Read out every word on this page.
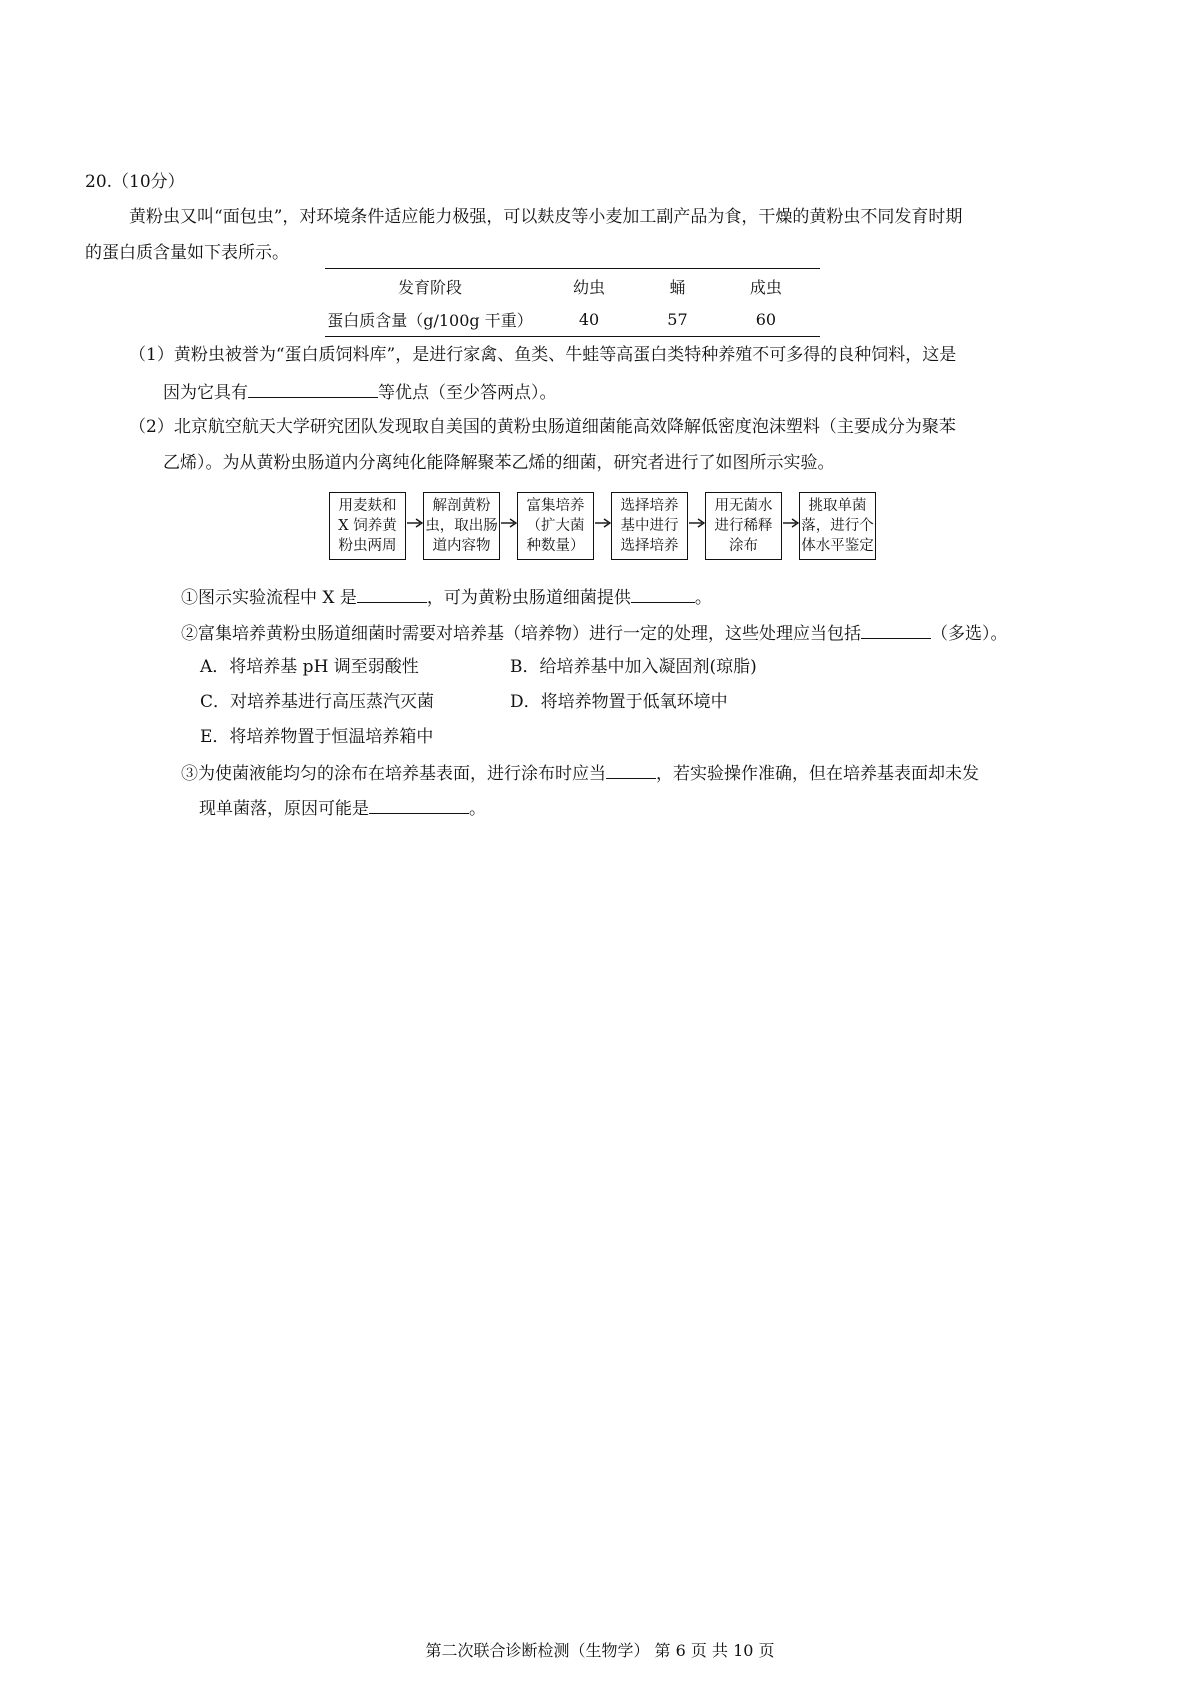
20.（10分）
黄粉虫又叫“面包虫”，对环境条件适应能力极强，可以麸皮等小麦加工副产品为食，干燥的黄粉虫不同发育时期
的蛋白质含量如下表所示。
发育阶段	幼虫	蛹	成虫
蛋白质含量（g/100g 干重）	40	57	60
（1）黄粉虫被誉为“蛋白质饲料库”，是进行家禽、鱼类、牛蛙等高蛋白类特种养殖不可多得的良种饲料，这是
因为它具有	等优点（至少答两点）。
（2）北京航空航天大学研究团队发现取自美国的黄粉虫肠道细菌能高效降解低密度泡沫塑料（主要成分为聚苯
乙烯）。为从黄粉虫肠道内分离纯化能降解聚苯乙烯的细菌，研究者进行了如图所示实验。
用麦麸和
X 饲养黄
粉虫两周
解剖黄粉
虫，取出肠
道内容物
富集培养
（扩大菌
种数量）
选择培养
基中进行
选择培养
用无菌水
进行稀释
涂布
挑取单菌
落，进行个
体水平鉴定
①图示实验流程中 X 是	，可为黄粉虫肠道细菌提供	。
②富集培养黄粉虫肠道细菌时需要对培养基（培养物）进行一定的处理，这些处理应当包括	（多选）。
A．将培养基 pH 调至弱酸性	B．给培养基中加入凝固剂(琼脂)
C．对培养基进行高压蒸汽灭菌	D．将培养物置于低氧环境中
E．将培养物置于恒温培养箱中
③为使菌液能均匀的涂布在培养基表面，进行涂布时应当	，若实验操作准确，但在培养基表面却未发
现单菌落，原因可能是	。
第二次联合诊断检测（生物学） 第 6 页 共 10 页
